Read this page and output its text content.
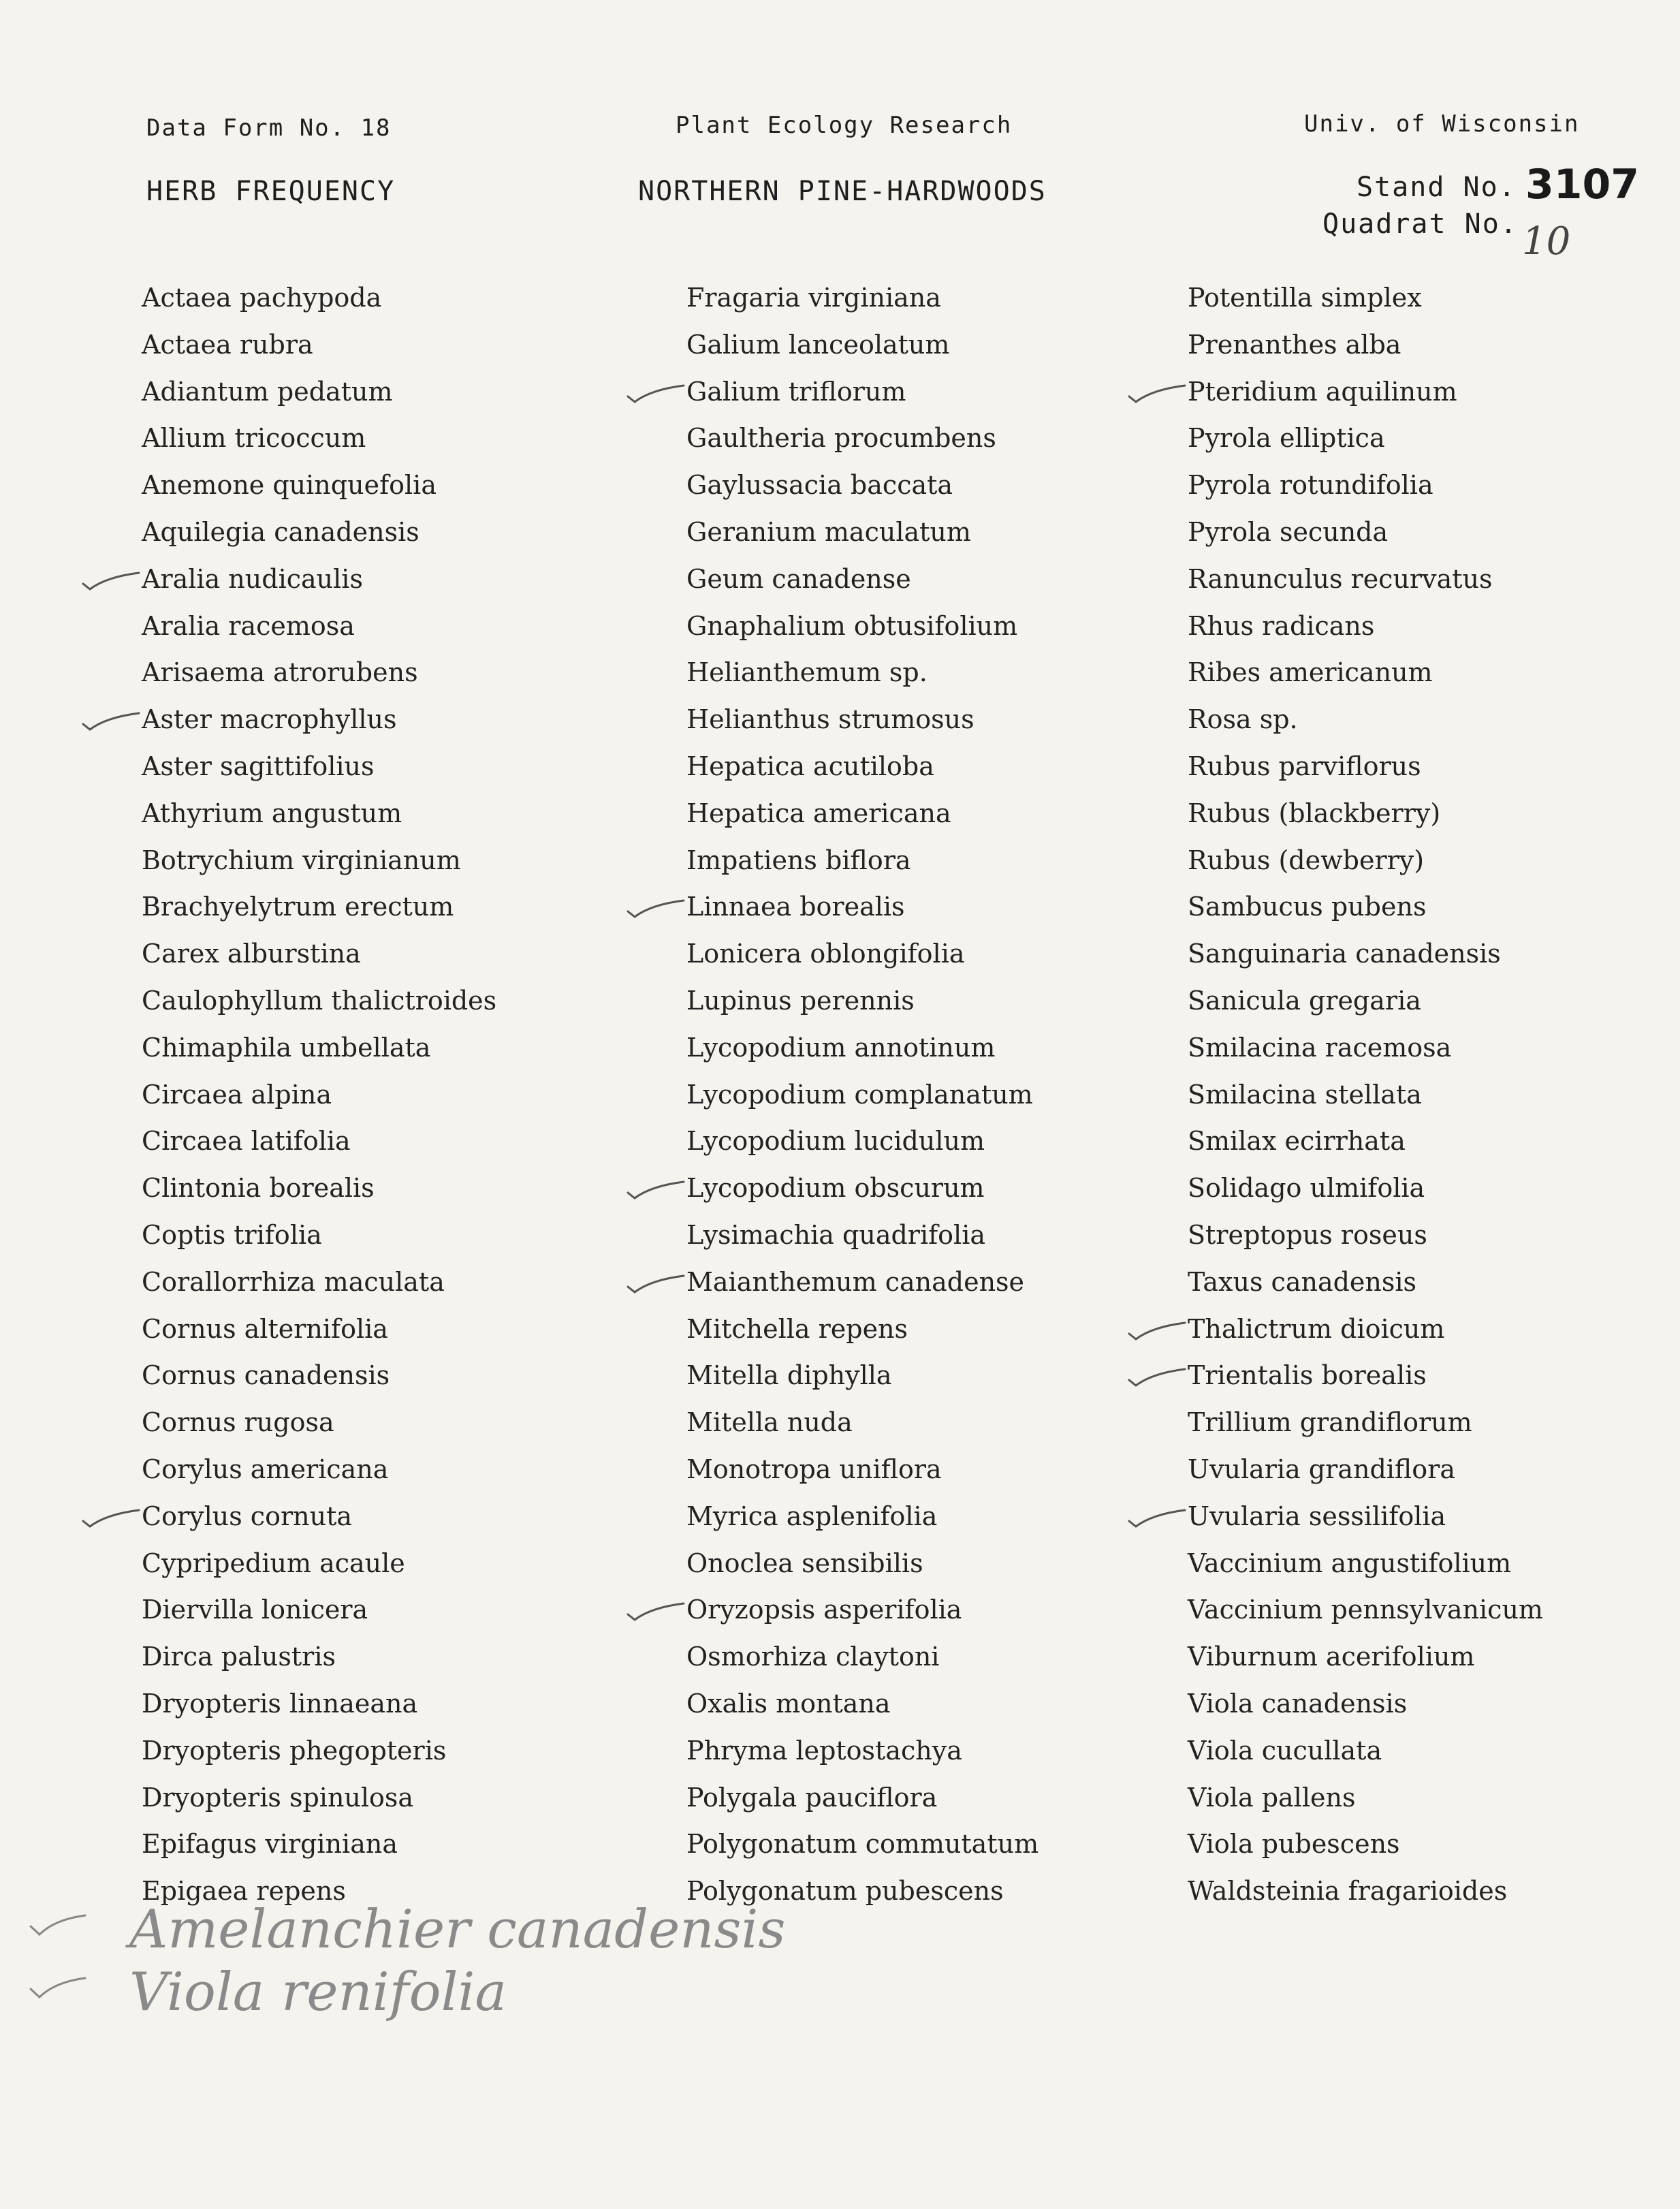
Data Form No. 18	Plant Ecology Research	Univ. of Wisconsin
HERB FREQUENCY	NORTHERN PINE-HARDWOODS	Stand No. 3107
Quadrat No. 10
Actaea pachypoda
Actaea rubra
Adiantum pedatum
Allium tricoccum
Anemone quinquefolia
Aquilegia canadensis
Aralia nudicaulis
Aralia racemosa
Arisaema atrorubens
Aster macrophyllus
Aster sagittifolius
Athyrium angustum
Botrychium virginianum
Brachyelytrum erectum
Carex alburstina
Caulophyllum thalictroides
Chimaphila umbellata
Circaea alpina
Circaea latifolia
Clintonia borealis
Coptis trifolia
Corallorrhiza maculata
Cornus alternifolia
Cornus canadensis
Cornus rugosa
Corylus americana
Corylus cornuta
Cypripedium acaule
Diervilla lonicera
Dirca palustris
Dryopteris linnaeana
Dryopteris phegopteris
Dryopteris spinulosa
Epifagus virginiana
Epigaea repens
Fragaria virginiana
Galium lanceolatum
Galium triflorum
Gaultheria procumbens
Gaylussacia baccata
Geranium maculatum
Geum canadense
Gnaphalium obtusifolium
Helianthemum sp.
Helianthus strumosus
Hepatica acutiloba
Hepatica americana
Impatiens biflora
Linnaea borealis
Lonicera oblongifolia
Lupinus perennis
Lycopodium annotinum
Lycopodium complanatum
Lycopodium lucidulum
Lycopodium obscurum
Lysimachia quadrifolia
Maianthemum canadense
Mitchella repens
Mitella diphylla
Mitella nuda
Monotropa uniflora
Myrica asplenifolia
Onoclea sensibilis
Oryzopsis asperifolia
Osmorhiza claytoni
Oxalis montana
Phryma leptostachya
Polygala pauciflora
Polygonatum commutatum
Polygonatum pubescens
Potentilla simplex
Prenanthes alba
Pteridium aquilinum
Pyrola elliptica
Pyrola rotundifolia
Pyrola secunda
Ranunculus recurvatus
Rhus radicans
Ribes americanum
Rosa sp.
Rubus parviflorus
Rubus (blackberry)
Rubus (dewberry)
Sambucus pubens
Sanguinaria canadensis
Sanicula gregaria
Smilacina racemosa
Smilacina stellata
Smilax ecirrhata
Solidago ulmifolia
Streptopus roseus
Taxus canadensis
Thalictrum dioicum
Trientalis borealis
Trillium grandiflorum
Uvularia grandiflora
Uvularia sessilifolia
Vaccinium angustifolium
Vaccinium pennsylvanicum
Viburnum acerifolium
Viola canadensis
Viola cucullata
Viola pallens
Viola pubescens
Waldsteinia fragarioides
Amelanchier canadensis
Viola renifolia
